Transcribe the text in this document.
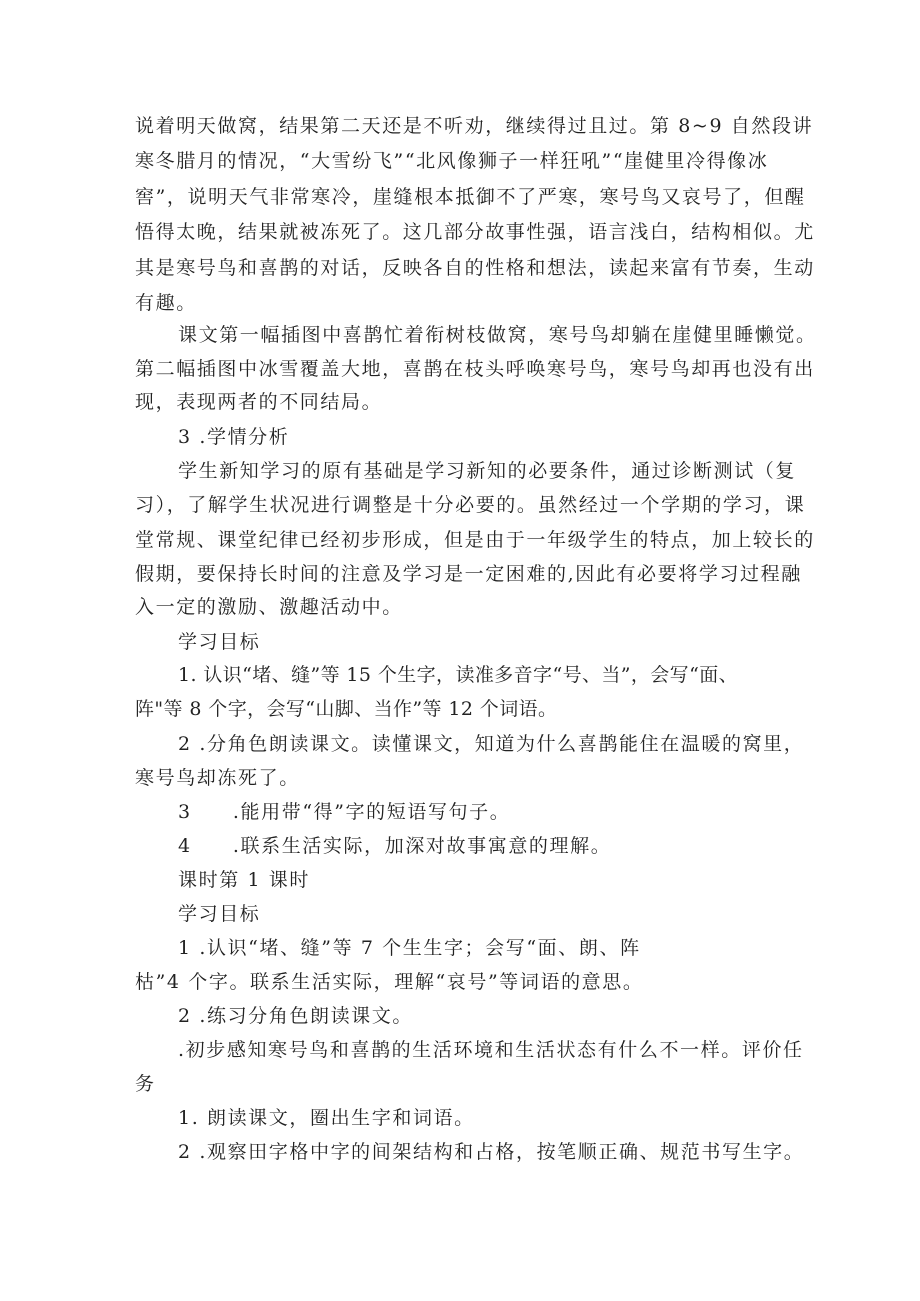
说着明天做窝，结果第二天还是不听劝，继续得过且过。第 8~9 自然段讲
寒冬腊月的情况，“大雪纷飞”“北风像狮子一样狂吼”“崖健里冷得像冰
窖”，说明天气非常寒冷，崖缝根本抵御不了严寒，寒号鸟又哀号了，但醒
悟得太晚，结果就被冻死了。这几部分故事性强，语言浅白，结构相似。尤
其是寒号鸟和喜鹊的对话，反映各自的性格和想法，读起来富有节奏，生动
有趣。
课文第一幅插图中喜鹊忙着衔树枝做窝，寒号鸟却躺在崖健里睡懒觉。
第二幅插图中冰雪覆盖大地，喜鹊在枝头呼唤寒号鸟，寒号鸟却再也没有出
现，表现两者的不同结局。
3 .学情分析
学生新知学习的原有基础是学习新知的必要条件，通过诊断测试（复
习），了解学生状况进行调整是十分必要的。虽然经过一个学期的学习，课
堂常规、课堂纪律已经初步形成，但是由于一年级学生的特点，加上较长的
假期，要保持长时间的注意及学习是一定困难的,因此有必要将学习过程融
入一定的激励、激趣活动中。
学习目标
1. 认识“堵、缝”等 15 个生字，读准多音字“号、当”，会写“面、
阵"等 8 个字，会写“山脚、当作”等 12 个词语。
2 .分角色朗读课文。读懂课文，知道为什么喜鹊能住在温暖的窝里，
寒号鸟却冻死了。
3　　.能用带“得”字的短语写句子。
4　　.联系生活实际，加深对故事寓意的理解。
课时第 1 课时
学习目标
1 .认识“堵、缝”等 7 个生生字；会写“面、朗、阵
枯”4 个字。联系生活实际，理解“哀号”等词语的意思。
2 .练习分角色朗读课文。
.初步感知寒号鸟和喜鹊的生活环境和生活状态有什么不一样。评价任
务
1. 朗读课文，圈出生字和词语。
2 .观察田字格中字的间架结构和占格，按笔顺正确、规范书写生字。
